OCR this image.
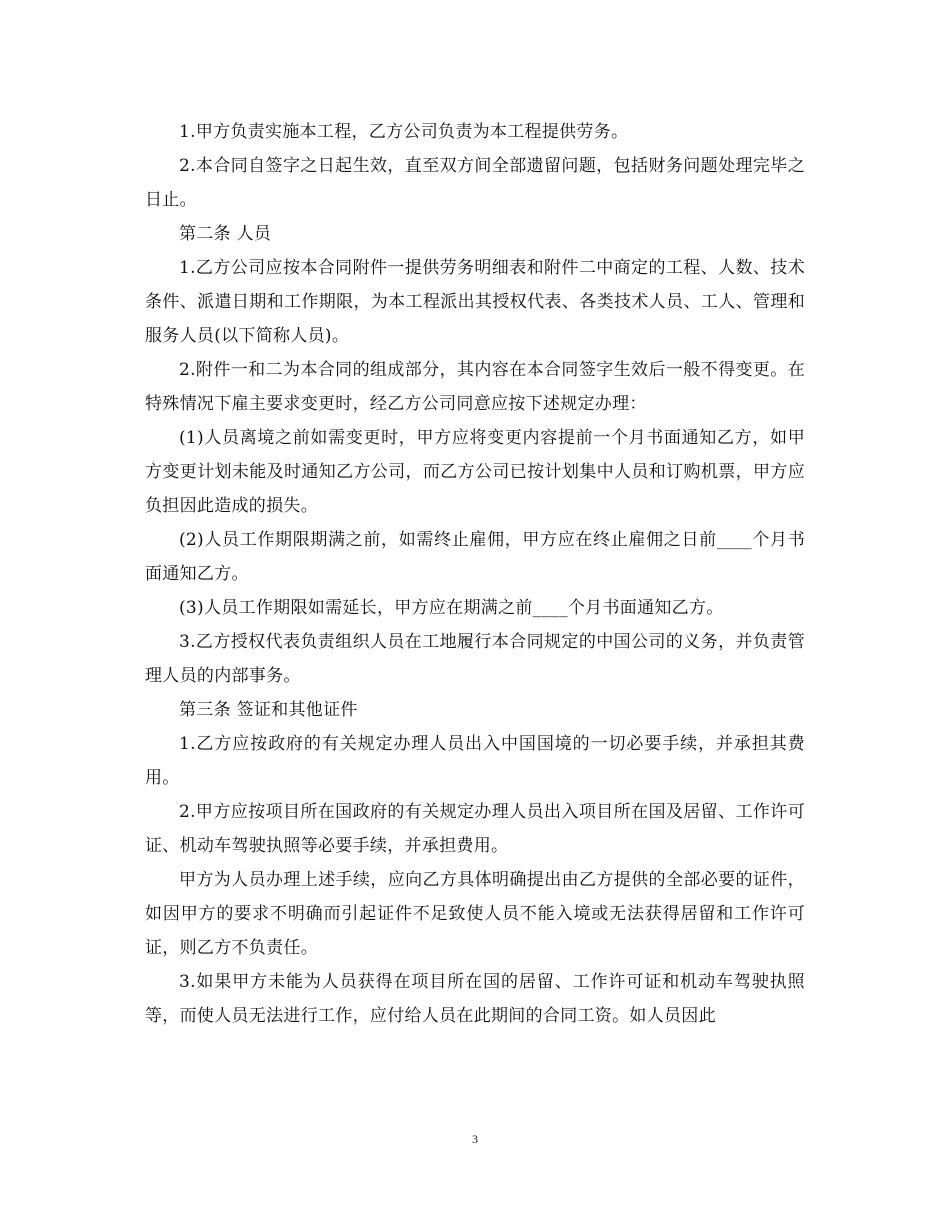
1.甲方负责实施本工程，乙方公司负责为本工程提供劳务。

2.本合同自签字之日起生效，直至双方间全部遗留问题，包括财务问题处理完毕之日止。

第二条 人员

1.乙方公司应按本合同附件一提供劳务明细表和附件二中商定的工程、人数、技术条件、派遣日期和工作期限，为本工程派出其授权代表、各类技术人员、工人、管理和服务人员(以下简称人员)。

2.附件一和二为本合同的组成部分，其内容在本合同签字生效后一般不得变更。在特殊情况下雇主要求变更时，经乙方公司同意应按下述规定办理：

(1)人员离境之前如需变更时，甲方应将变更内容提前一个月书面通知乙方，如甲方变更计划未能及时通知乙方公司，而乙方公司已按计划集中人员和订购机票，甲方应负担因此造成的损失。

(2)人员工作期限期满之前，如需终止雇佣，甲方应在终止雇佣之日前____个月书面通知乙方。

(3)人员工作期限如需延长，甲方应在期满之前____个月书面通知乙方。

3.乙方授权代表负责组织人员在工地履行本合同规定的中国公司的义务，并负责管理人员的内部事务。

第三条 签证和其他证件

1.乙方应按政府的有关规定办理人员出入中国国境的一切必要手续，并承担其费用。

2.甲方应按项目所在国政府的有关规定办理人员出入项目所在国及居留、工作许可证、机动车驾驶执照等必要手续，并承担费用。

甲方为人员办理上述手续，应向乙方具体明确提出由乙方提供的全部必要的证件，如因甲方的要求不明确而引起证件不足致使人员不能入境或无法获得居留和工作许可证，则乙方不负责任。

3.如果甲方未能为人员获得在项目所在国的居留、工作许可证和机动车驾驶执照等，而使人员无法进行工作，应付给人员在此期间的合同工资。如人员因此

3
